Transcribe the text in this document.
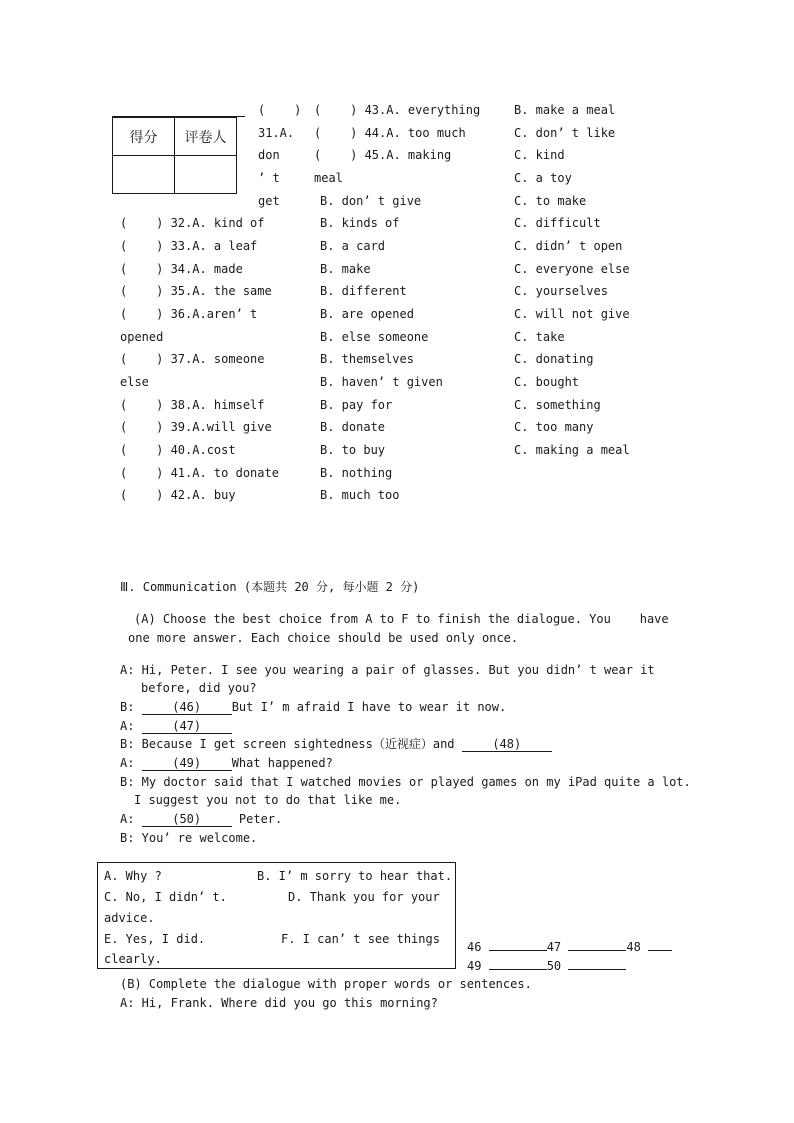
得分	评卷人

(    ) (    ) 43.A. everything	B. make a meal
31.A. (    ) 44.A. too much	C. don’ t like
don	(    ) 45.A. making	C. kind
’ t	meal	C. a toy
get	B. don’ t give	C. to make
(    ) 32.A. kind of	B. kinds of	C. difficult
(    ) 33.A. a leaf	B. a card	C. didn’ t open
(    ) 34.A. made	B. make	C. everyone else
(    ) 35.A. the same	B. different	C. yourselves
(    ) 36.A.aren’ t	B. are opened	C. will not give
opened	B. else someone	C. take
(    ) 37.A. someone	B. themselves	C. donating
else	B. haven’ t given	C. bought
(    ) 38.A. himself	B. pay for	C. something
(    ) 39.A.will give	B. donate	C. too many
(    ) 40.A.cost	B. to buy	C. making a meal
(    ) 41.A. to donate	B. nothing
(    ) 42.A. buy	B. much too
Ⅲ. Communication (本题共 20 分, 每小题 2 分)
(A) Choose the best choice from A to F to finish the dialogue. You    have
one more answer. Each choice should be used only once.
A: Hi, Peter. I see you wearing a pair of glasses. But you didn’ t wear it
before, did you?
B:	(46)	But I’ m afraid I have to wear it now.
A:	(47)
B: Because I get screen sightedness（近视症）and	(48)
A:	(49)	What happened?
B: My doctor said that I watched movies or played games on my iPad quite a lot.
I suggest you not to do that like me.
A:	(50)	Peter.
B: You’ re welcome.
A. Why ?	B. I’ m sorry to hear that.
C. No, I didn’ t.	D. Thank you for your
advice.
E. Yes, I did.	F. I can’ t see things
clearly.
46	47	48
49	50
(B) Complete the dialogue with proper words or sentences.
A: Hi, Frank. Where did you go this morning?
